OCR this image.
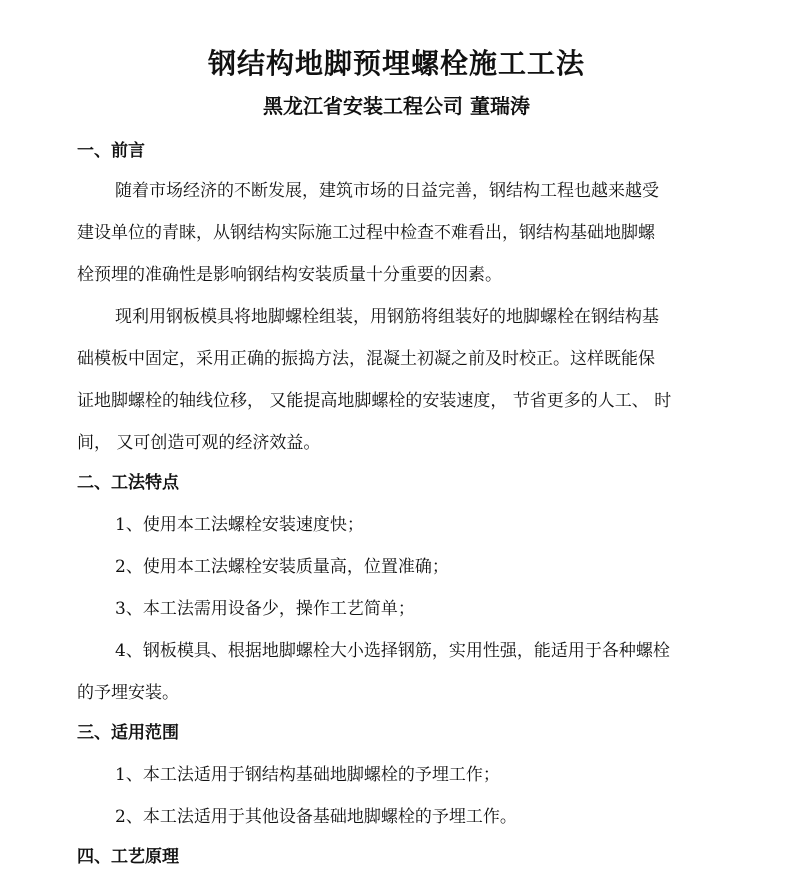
钢结构地脚预埋螺栓施工工法
黑龙江省安装工程公司 董瑞涛
一、前言
随着市场经济的不断发展，建筑市场的日益完善，钢结构工程也越来越受
建设单位的青睐，从钢结构实际施工过程中检查不难看出，钢结构基础地脚螺
栓预埋的准确性是影响钢结构安装质量十分重要的因素。
现利用钢板模具将地脚螺栓组装，用钢筋将组装好的地脚螺栓在钢结构基
础模板中固定，采用正确的振捣方法，混凝土初凝之前及时校正。这样既能保
证地脚螺栓的轴线位移， 又能提高地脚螺栓的安装速度， 节省更多的人工、 时
间， 又可创造可观的经济效益。
二、工法特点
1、使用本工法螺栓安装速度快；
2、使用本工法螺栓安装质量高，位置准确；
3、本工法需用设备少，操作工艺简单；
4、钢板模具、根据地脚螺栓大小选择钢筋，实用性强，能适用于各种螺栓
的予埋安装。
三、适用范围
1、本工法适用于钢结构基础地脚螺栓的予埋工作；
2、本工法适用于其他设备基础地脚螺栓的予埋工作。
四、工艺原理
